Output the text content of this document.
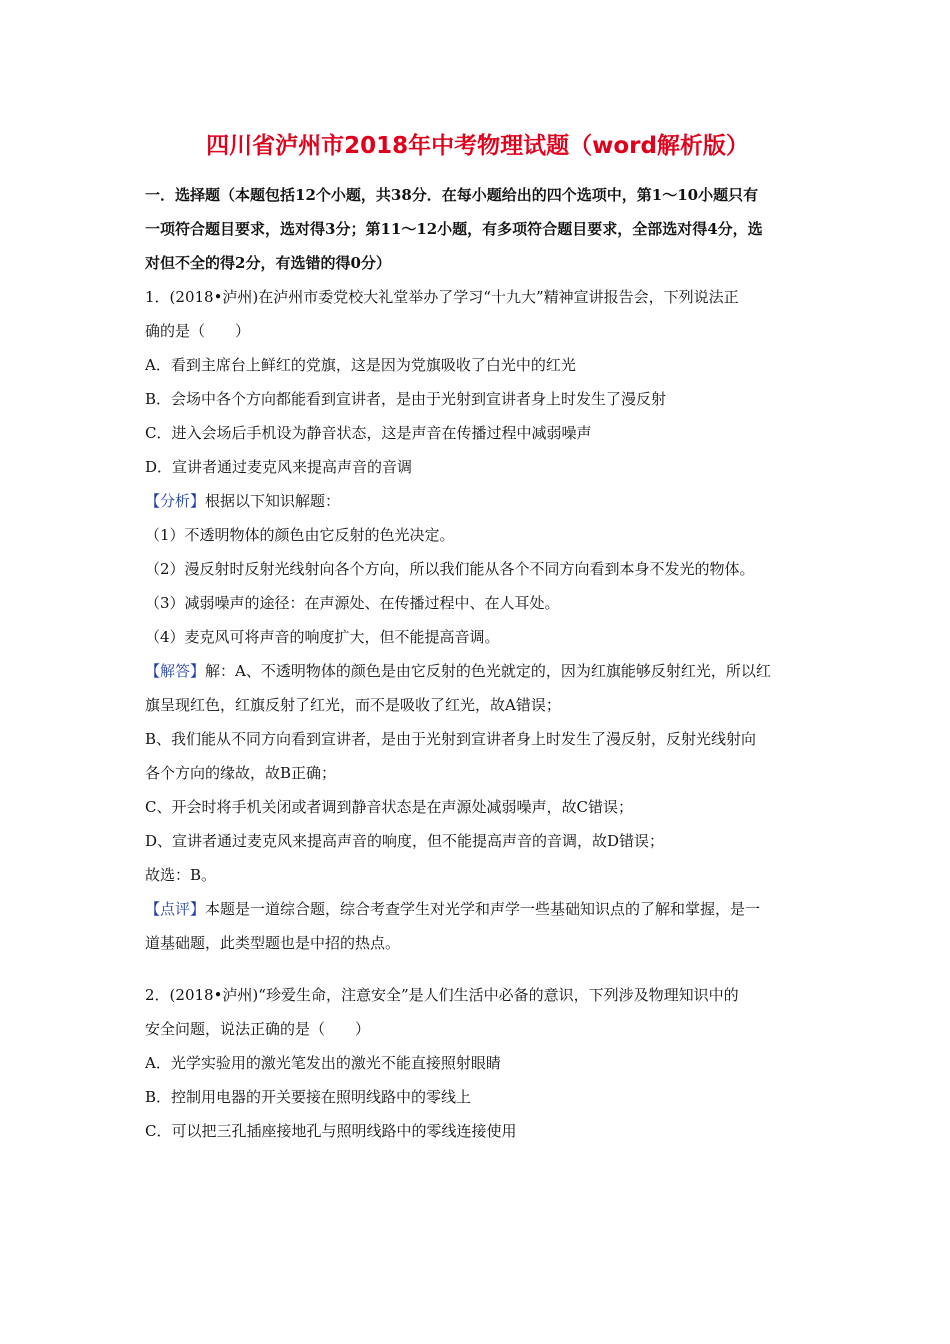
四川省泸州市2018年中考物理试题（word解析版）
一．选择题（本题包括12个小题，共38分．在每小题给出的四个选项中，第1～10小题只有
一项符合题目要求，选对得3分；第11～12小题，有多项符合题目要求，全部选对得4分，选
对但不全的得2分，有选错的得0分）
1．(2018•泸州)在泸州市委党校大礼堂举办了学习“十九大”精神宣讲报告会，下列说法正
确的是（　　）
A．看到主席台上鲜红的党旗，这是因为党旗吸收了白光中的红光
B．会场中各个方向都能看到宣讲者，是由于光射到宣讲者身上时发生了漫反射
C．进入会场后手机设为静音状态，这是声音在传播过程中减弱噪声
D．宣讲者通过麦克风来提高声音的音调
【分析】根据以下知识解题：
（1）不透明物体的颜色由它反射的色光决定。
（2）漫反射时反射光线射向各个方向，所以我们能从各个不同方向看到本身不发光的物体。
（3）减弱噪声的途径：在声源处、在传播过程中、在人耳处。
（4）麦克风可将声音的响度扩大，但不能提高音调。
【解答】解：A、不透明物体的颜色是由它反射的色光就定的，因为红旗能够反射红光，所以红
旗呈现红色，红旗反射了红光，而不是吸收了红光，故A错误；
B、我们能从不同方向看到宣讲者，是由于光射到宣讲者身上时发生了漫反射，反射光线射向
各个方向的缘故，故B正确；
C、开会时将手机关闭或者调到静音状态是在声源处减弱噪声，故C错误；
D、宣讲者通过麦克风来提高声音的响度，但不能提高声音的音调，故D错误；
故选：B。
【点评】本题是一道综合题，综合考查学生对光学和声学一些基础知识点的了解和掌握，是一
道基础题，此类型题也是中招的热点。
2．(2018•泸州)“珍爱生命，注意安全”是人们生活中必备的意识，下列涉及物理知识中的
安全问题，说法正确的是（　　）
A．光学实验用的激光笔发出的激光不能直接照射眼睛
B．控制用电器的开关要接在照明线路中的零线上
C．可以把三孔插座接地孔与照明线路中的零线连接使用
